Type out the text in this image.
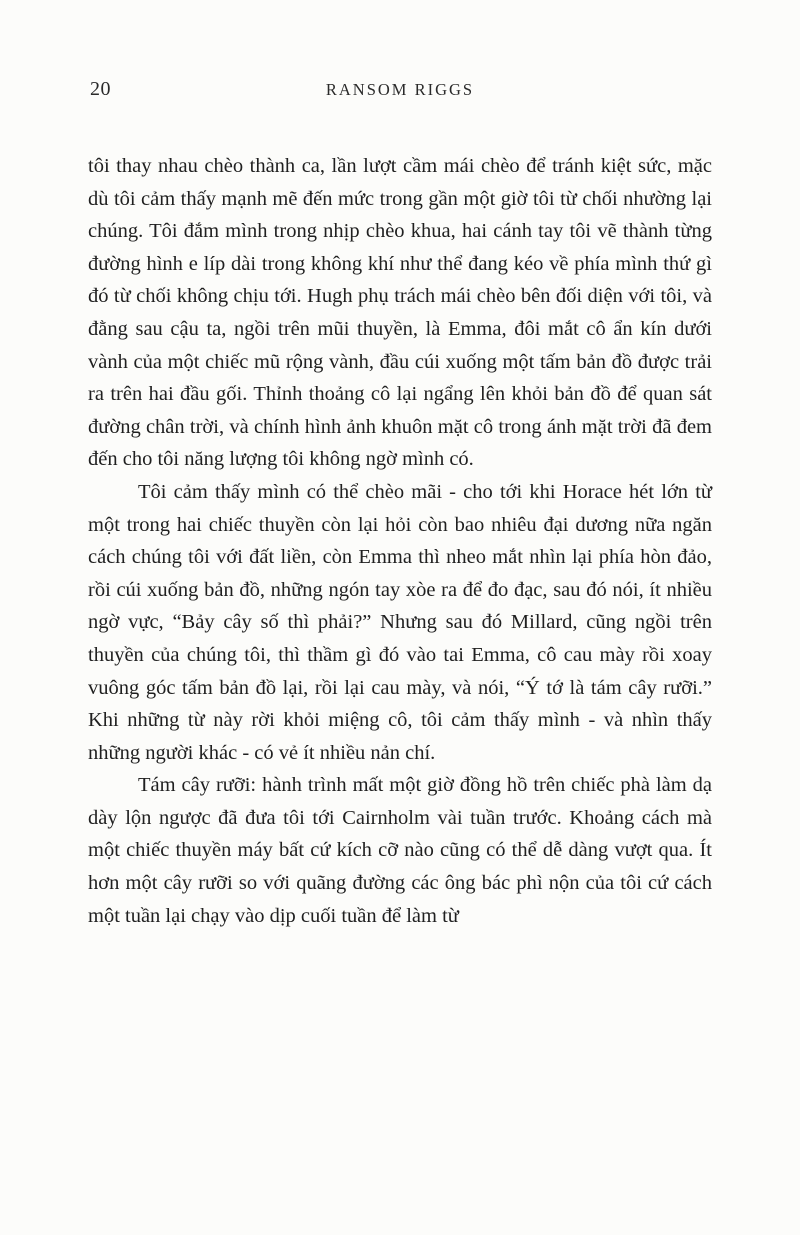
20	RANSOM RIGGS

tôi thay nhau chèo thành ca, lần lượt cầm mái chèo để tránh kiệt sức, mặc dù tôi cảm thấy mạnh mẽ đến mức trong gần một giờ tôi từ chối nhường lại chúng. Tôi đắm mình trong nhịp chèo khua, hai cánh tay tôi vẽ thành từng đường hình e líp dài trong không khí như thể đang kéo về phía mình thứ gì đó từ chối không chịu tới. Hugh phụ trách mái chèo bên đối diện với tôi, và đằng sau cậu ta, ngồi trên mũi thuyền, là Emma, đôi mắt cô ẩn kín dưới vành của một chiếc mũ rộng vành, đầu cúi xuống một tấm bản đồ được trải ra trên hai đầu gối. Thỉnh thoảng cô lại ngẩng lên khỏi bản đồ để quan sát đường chân trời, và chính hình ảnh khuôn mặt cô trong ánh mặt trời đã đem đến cho tôi năng lượng tôi không ngờ mình có.

Tôi cảm thấy mình có thể chèo mãi - cho tới khi Horace hét lớn từ một trong hai chiếc thuyền còn lại hỏi còn bao nhiêu đại dương nữa ngăn cách chúng tôi với đất liền, còn Emma thì nheo mắt nhìn lại phía hòn đảo, rồi cúi xuống bản đồ, những ngón tay xòe ra để đo đạc, sau đó nói, ít nhiều ngờ vực, “Bảy cây số thì phải?” Nhưng sau đó Millard, cũng ngồi trên thuyền của chúng tôi, thì thầm gì đó vào tai Emma, cô cau mày rồi xoay vuông góc tấm bản đồ lại, rồi lại cau mày, và nói, “Ý tớ là tám cây rưỡi.” Khi những từ này rời khỏi miệng cô, tôi cảm thấy mình - và nhìn thấy những người khác - có vẻ ít nhiều nản chí.

Tám cây rưỡi: hành trình mất một giờ đồng hồ trên chiếc phà làm dạ dày lộn ngược đã đưa tôi tới Cairnholm vài tuần trước. Khoảng cách mà một chiếc thuyền máy bất cứ kích cỡ nào cũng có thể dễ dàng vượt qua. Ít hơn một cây rưỡi so với quãng đường các ông bác phì nộn của tôi cứ cách một tuần lại chạy vào dịp cuối tuần để làm từ
